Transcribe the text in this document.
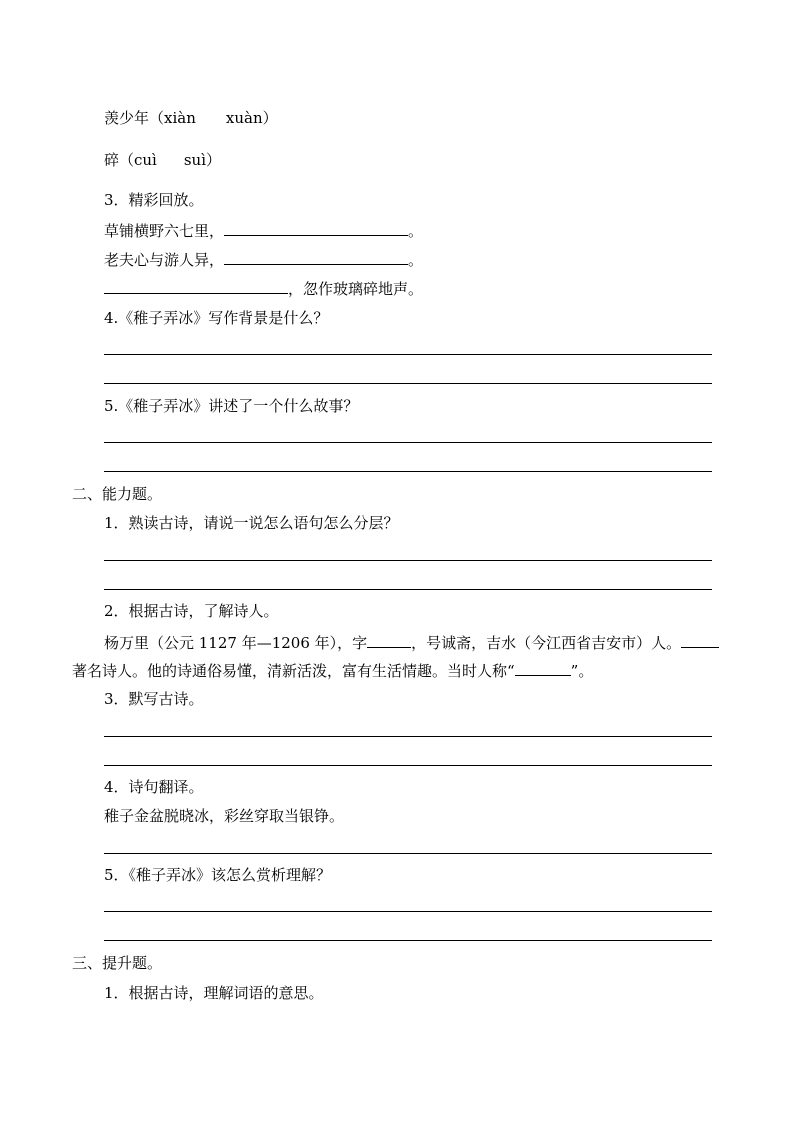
羡少年（xiàn xuàn）
碎（cuì suì）
3．精彩回放。
草铺横野六七里，	。
老夫心与游人异，	。
，忽作玻璃碎地声。
4.《稚子弄冰》写作背景是什么？
5.《稚子弄冰》讲述了一个什么故事？
二、能力题。
1．熟读古诗，请说一说怎么语句怎么分层？
2．根据古诗，了解诗人。
杨万里（公元 1127 年—1206 年），字	，号诚斋，吉水（今江西省吉安市）人。
著名诗人。他的诗通俗易懂，清新活泼，富有生活情趣。当时人称“	”。
3．默写古诗。
4．诗句翻译。
稚子金盆脱晓冰，彩丝穿取当银铮。
5．《稚子弄冰》该怎么赏析理解？
三、提升题。
1．根据古诗，理解词语的意思。
